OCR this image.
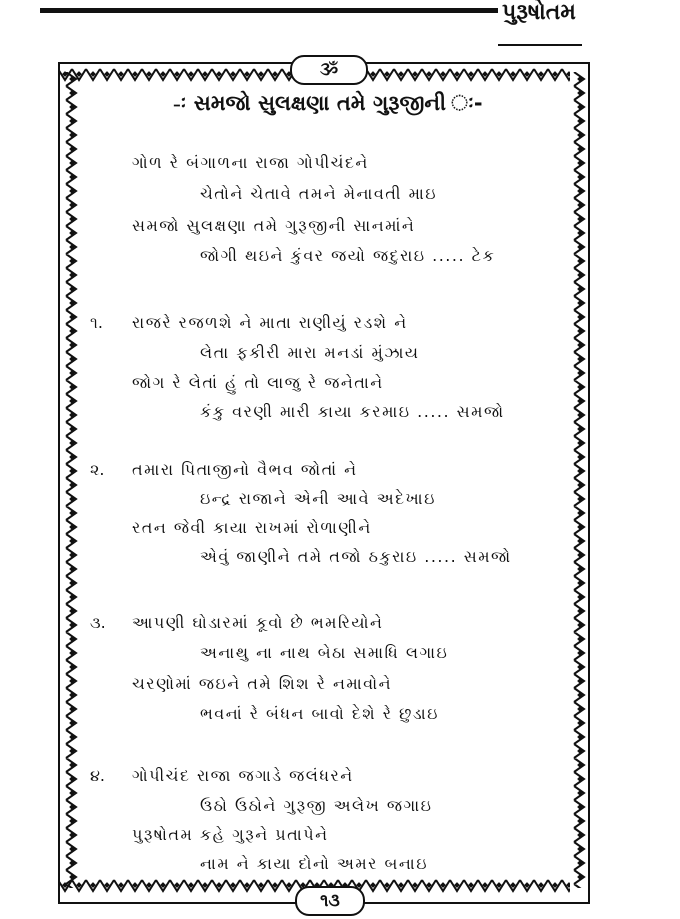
પુરૂષોતમ
ૐ
-ઃ સમજો સુલક્ષણા તમે ગુરૂજીની ઃ-
ગોળ રે બંગાળના રાજા ગોપીચંદને
ચેતોને ચેતાવે તમને મેનાવતી માઇ
સમજો સુલક્ષણા તમે ગુરૂજીની સાનમાંને
જોગી થઇને કુંવર જયો જદુરાઇ ..... ટેક
૧. રાજરે રજળશે ને માતા રાણીયું રડશે ને
લેતા ફકીરી મારા મનડાં મુંઝાય
જોગ રે લેતાં હું તો લાજુ રે જનેતાને
કંકુ વરણી મારી કાયા કરમાઇ ..... સમજો
૨. તમારા પિતાજીનો વૈભવ જોતાં ને
ઇન્દ્ર રાજાને એની આવે અદેખાઇ
રતન જેવી કાયા રાખમાં રોળાણીને
એવું જાણીને તમે તજો ઠકુરાઇ ..... સમજો
૩. આપણી ઘોડારમાં કૂવો છે ભમરિયોને
અનાથુ ના નાથ બેઠા સમાધિ લગાઇ
ચરણોમાં જઇને તમે શિશ રે નમાવોને
ભવનાં રે બંધન બાવો દેશે રે છુડાઇ
૪. ગોપીચંદ રાજા જગાડે જલંધરને
ઉઠો ઉઠોને ગુરૂજી અલેખ જગાઇ
પુરૂષોતમ કહે ગુરૂને પ્રતાપેને
નામ ને કાયા દોનો અમર બનાઇ
૧૩
